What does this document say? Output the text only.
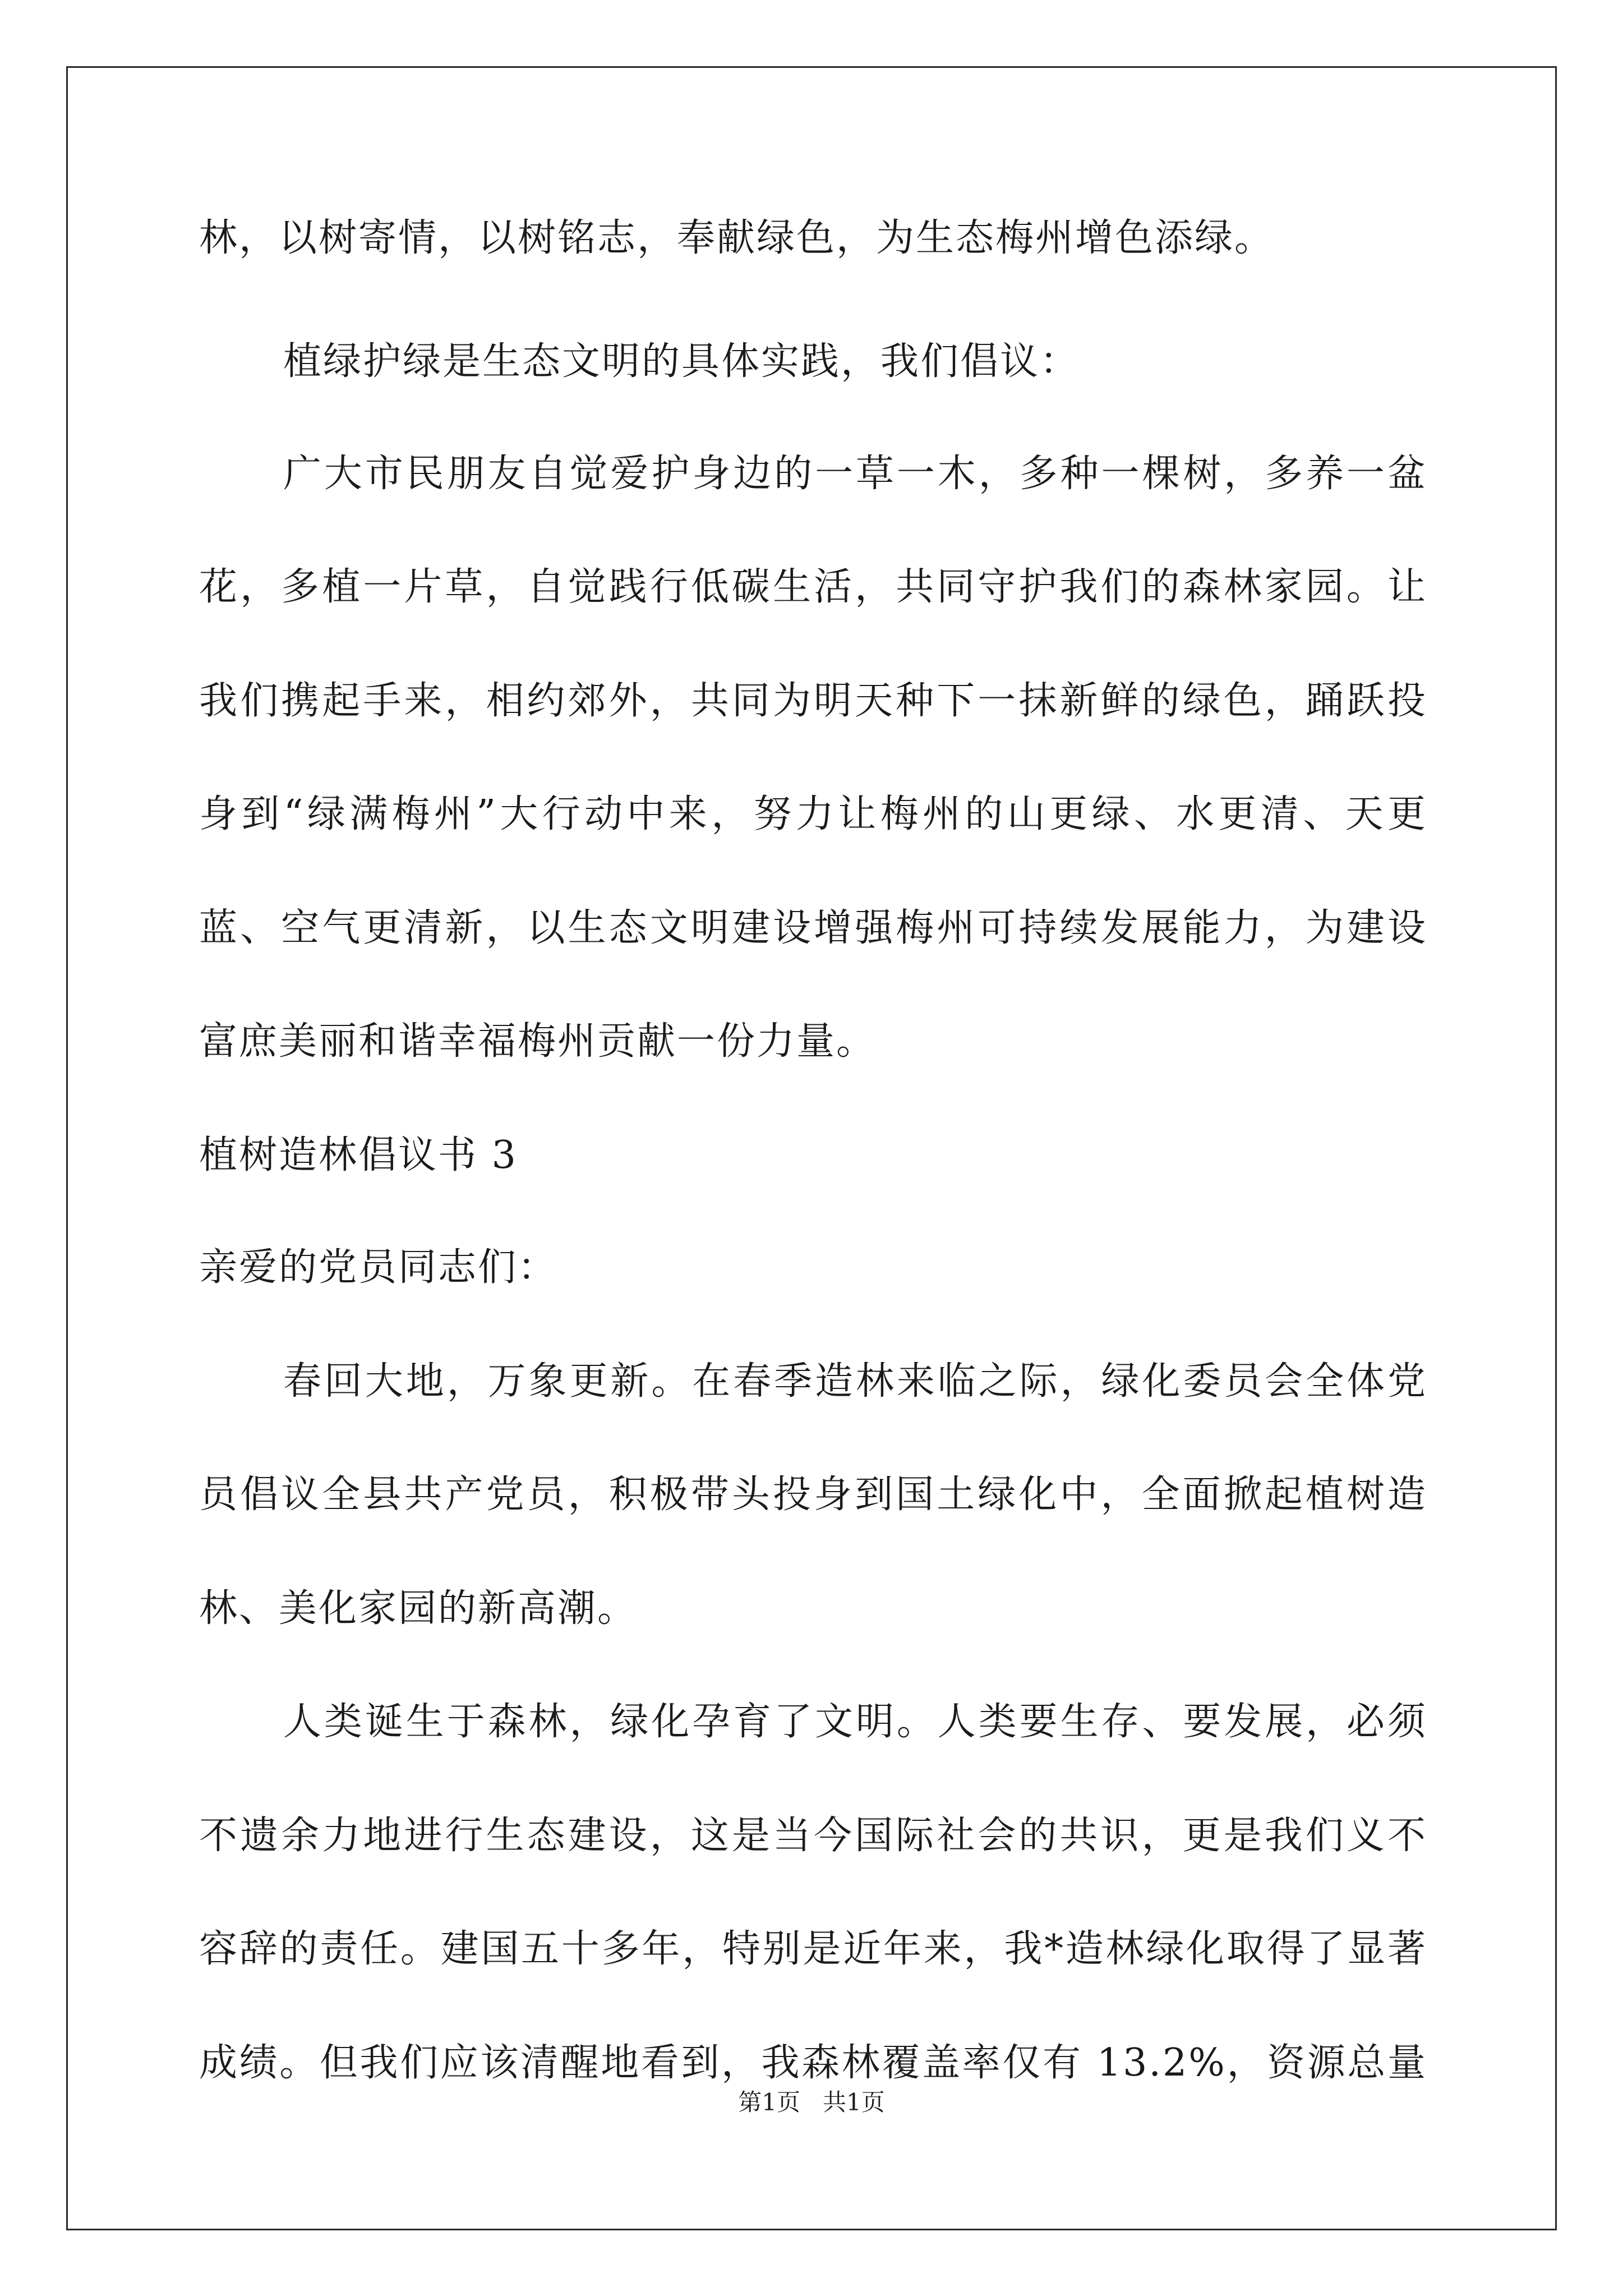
林，以树寄情，以树铭志，奉献绿色，为生态梅州增色添绿。
植绿护绿是生态文明的具体实践，我们倡议：
广大市民朋友自觉爱护身边的一草一木，多种一棵树，多养一盆
花，多植一片草，自觉践行低碳生活，共同守护我们的森林家园。让
我们携起手来，相约郊外，共同为明天种下一抹新鲜的绿色，踊跃投
身到“绿满梅州”大行动中来，努力让梅州的山更绿、水更清、天更
蓝、空气更清新，以生态文明建设增强梅州可持续发展能力，为建设
富庶美丽和谐幸福梅州贡献一份力量。
植树造林倡议书 3
亲爱的党员同志们：
春回大地，万象更新。在春季造林来临之际，绿化委员会全体党
员倡议全县共产党员，积极带头投身到国土绿化中，全面掀起植树造
林、美化家园的新高潮。
人类诞生于森林，绿化孕育了文明。人类要生存、要发展，必须
不遗余力地进行生态建设，这是当今国际社会的共识，更是我们义不
容辞的责任。建国五十多年，特别是近年来，我*造林绿化取得了显著
成绩。但我们应该清醒地看到，我森林覆盖率仅有 13.2%，资源总量
第1页   共1页
